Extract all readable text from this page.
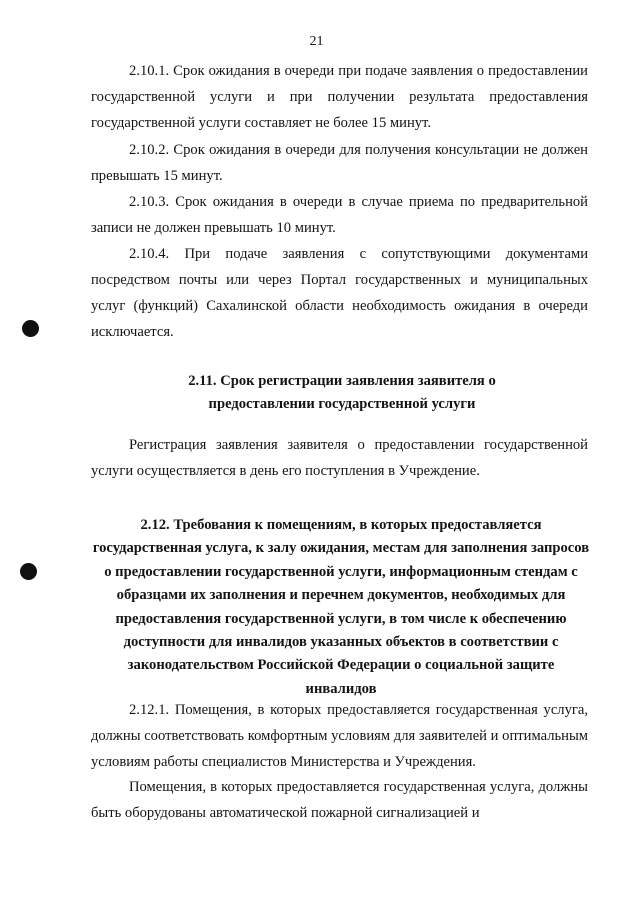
21

2.10.1. Срок ожидания в очереди при подаче заявления о предоставлении государственной услуги и при получении результата предоставления государственной услуги составляет не более 15 минут.

2.10.2. Срок ожидания в очереди для получения консультации не должен превышать 15 минут.

2.10.3. Срок ожидания в очереди в случае приема по предварительной записи не должен превышать 10 минут.

2.10.4. При подаче заявления с сопутствующими документами посредством почты или через Портал государственных и муниципальных услуг (функций) Сахалинской области необходимость ожидания в очереди исключается.

2.11. Срок регистрации заявления заявителя о предоставлении государственной услуги

Регистрация заявления заявителя о предоставлении государственной услуги осуществляется в день его поступления в Учреждение.

2.12. Требования к помещениям, в которых предоставляется государственная услуга, к залу ожидания, местам для заполнения запросов о предоставлении государственной услуги, информационным стендам с образцами их заполнения и перечнем документов, необходимых для предоставления государственной услуги, в том числе к обеспечению доступности для инвалидов указанных объектов в соответствии с законодательством Российской Федерации о социальной защите инвалидов

2.12.1. Помещения, в которых предоставляется государственная услуга, должны соответствовать комфортным условиям для заявителей и оптимальным условиям работы специалистов Министерства и Учреждения.

Помещения, в которых предоставляется государственная услуга, должны быть оборудованы автоматической пожарной сигнализацией и
